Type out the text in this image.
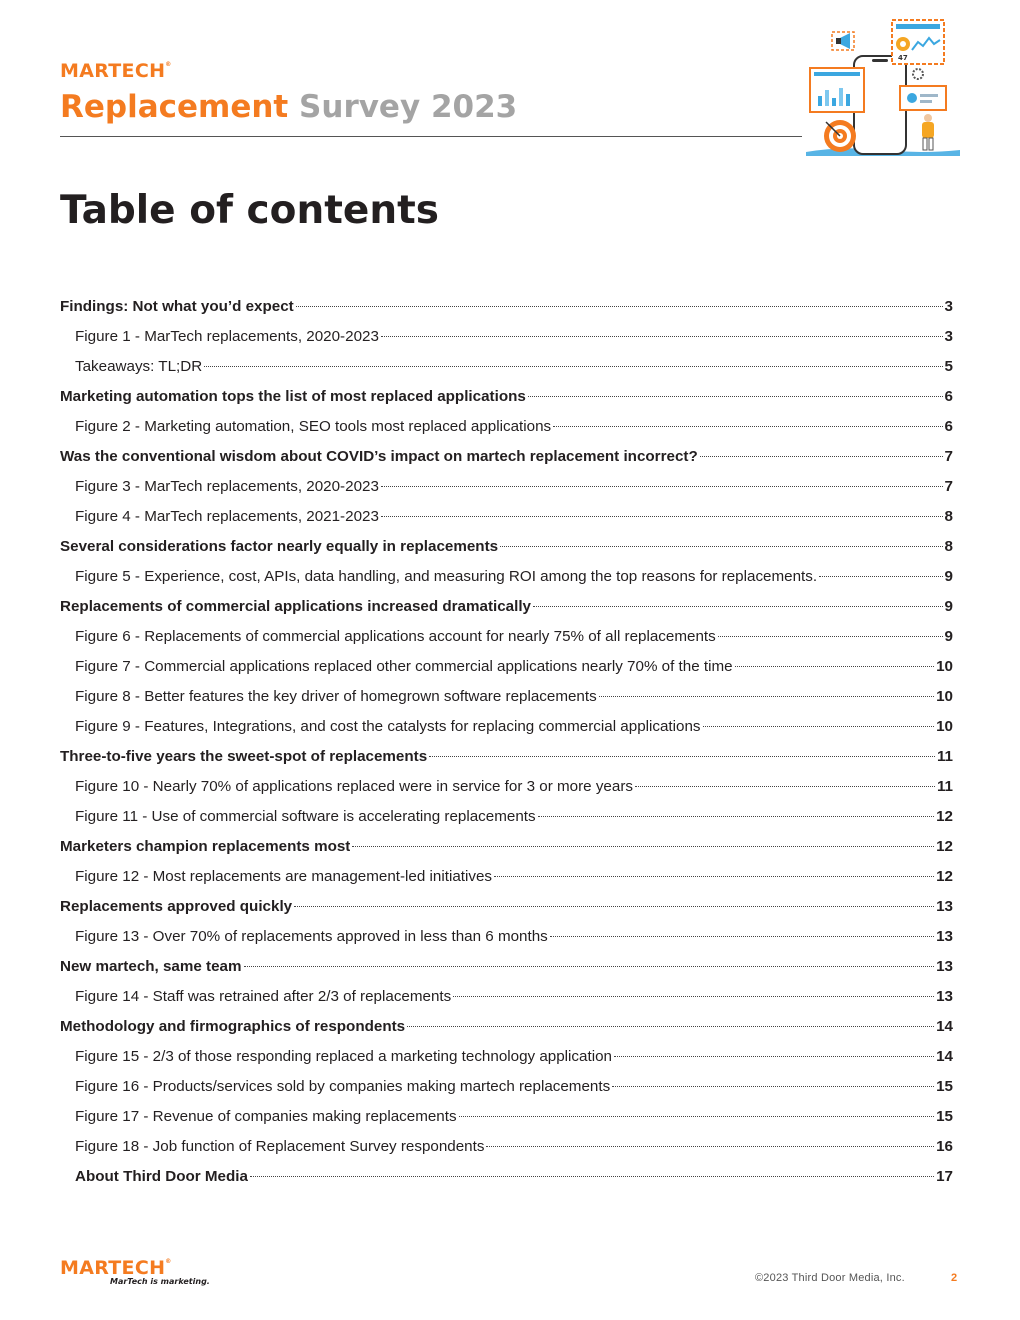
MARTECH®
Replacement Survey 2023
47
Table of contents
Findings: Not what you’d expect	3
Figure 1 - MarTech replacements, 2020-2023	3
Takeaways: TL;DR	5
Marketing automation tops the list of most replaced applications	6
Figure 2 - Marketing automation, SEO tools most replaced applications	6
Was the conventional wisdom about COVID’s impact on martech replacement incorrect?	7
Figure 3 - MarTech replacements, 2020-2023	7
Figure 4 - MarTech replacements, 2021-2023	8
Several considerations factor nearly equally in replacements	8
Figure 5 - Experience, cost, APIs, data handling, and measuring ROI among the top reasons for replacements.	9
Replacements of commercial applications increased dramatically	9
Figure 6 - Replacements of commercial applications account for nearly 75% of all replacements	9
Figure 7 - Commercial applications replaced other commercial applications nearly 70% of the time	10
Figure 8 - Better features the key driver of homegrown software replacements	10
Figure 9 - Features, Integrations, and cost the catalysts for replacing commercial applications	10
Three-to-five years the sweet-spot of replacements	11
Figure 10 - Nearly 70% of applications replaced were in service for 3 or more years	11
Figure 11 - Use of commercial software is accelerating replacements	12
Marketers champion replacements most	12
Figure 12 - Most replacements are management-led initiatives	12
Replacements approved quickly	13
Figure 13 - Over 70% of replacements approved in less than 6 months	13
New martech, same team	13
Figure 14 - Staff was retrained after 2/3 of replacements	13
Methodology and firmographics of respondents	14
Figure 15 - 2/3 of those responding replaced a marketing technology application	14
Figure 16 - Products/services sold by companies making martech replacements	15
Figure 17 - Revenue of companies making replacements	15
Figure 18 - Job function of Replacement Survey respondents	16
About Third Door Media	17
MARTECH®
MarTech is marketing.	©2023 Third Door Media, Inc.	2
